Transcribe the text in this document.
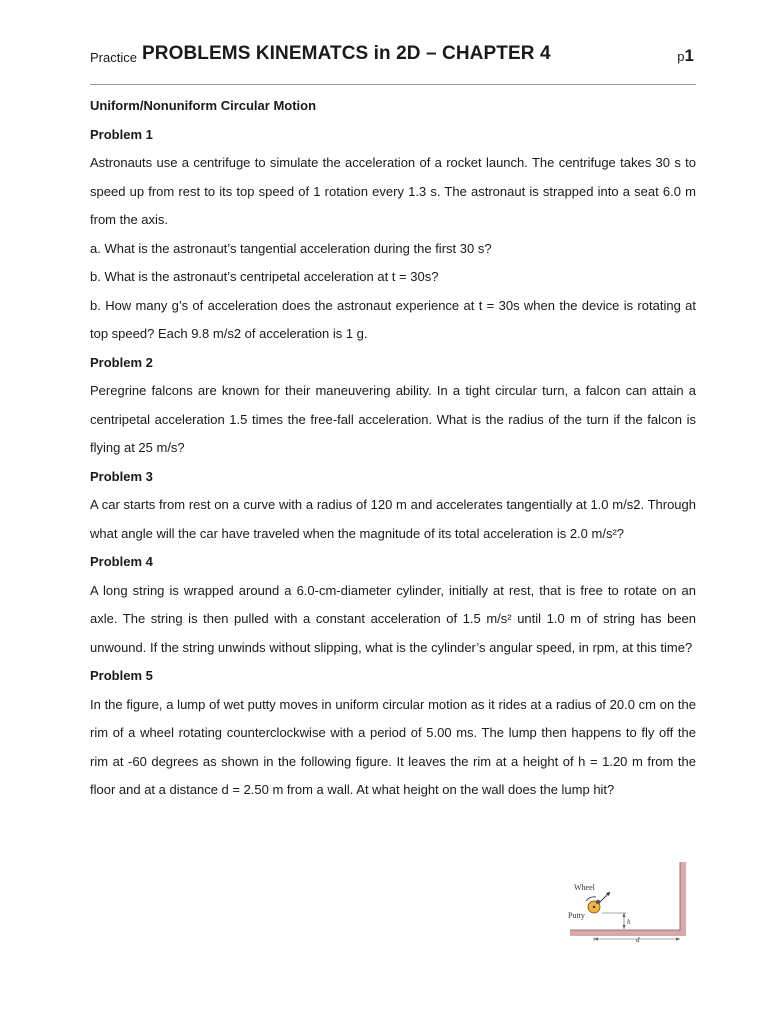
Practice PROBLEMS KINEMATCS in 2D – CHAPTER 4	p1

Uniform/Nonuniform Circular Motion

Problem 1

Astronauts use a centrifuge to simulate the acceleration of a rocket launch. The centrifuge takes 30 s to speed up from rest to its top speed of 1 rotation every 1.3 s. The astronaut is strapped into a seat 6.0 m from the axis.

a. What is the astronaut’s tangential acceleration during the first 30 s?

b. What is the astronaut’s centripetal acceleration at t = 30s?

b. How many g’s of acceleration does the astronaut experience at t = 30s when the device is rotating at top speed? Each 9.8 m/s2 of acceleration is 1 g.

Problem 2

Peregrine falcons are known for their maneuvering ability. In a tight circular turn, a falcon can attain a centripetal acceleration 1.5 times the free-fall acceleration. What is the radius of the turn if the falcon is flying at 25 m/s?

Problem 3

A car starts from rest on a curve with a radius of 120 m and accelerates tangentially at 1.0 m/s2. Through what angle will the car have traveled when the magnitude of its total acceleration is 2.0 m/s²?

Problem 4

A long string is wrapped around a 6.0-cm-diameter cylinder, initially at rest, that is free to rotate on an axle. The string is then pulled with a constant acceleration of 1.5 m/s² until 1.0 m of string has been unwound. If the string unwinds without slipping, what is the cylinder’s angular speed, in rpm, at this time?

Problem 5

In the figure, a lump of wet putty moves in uniform circular motion as it rides at a radius of 20.0 cm on the rim of a wheel rotating counterclockwise with a period of 5.00 ms. The lump then happens to fly off the rim at -60 degrees as shown in the following figure. It leaves the rim at a height of h = 1.20 m from the floor and at a distance d = 2.50 m from a wall. At what height on the wall does the lump hit?

Wheel
Putty
h
d
